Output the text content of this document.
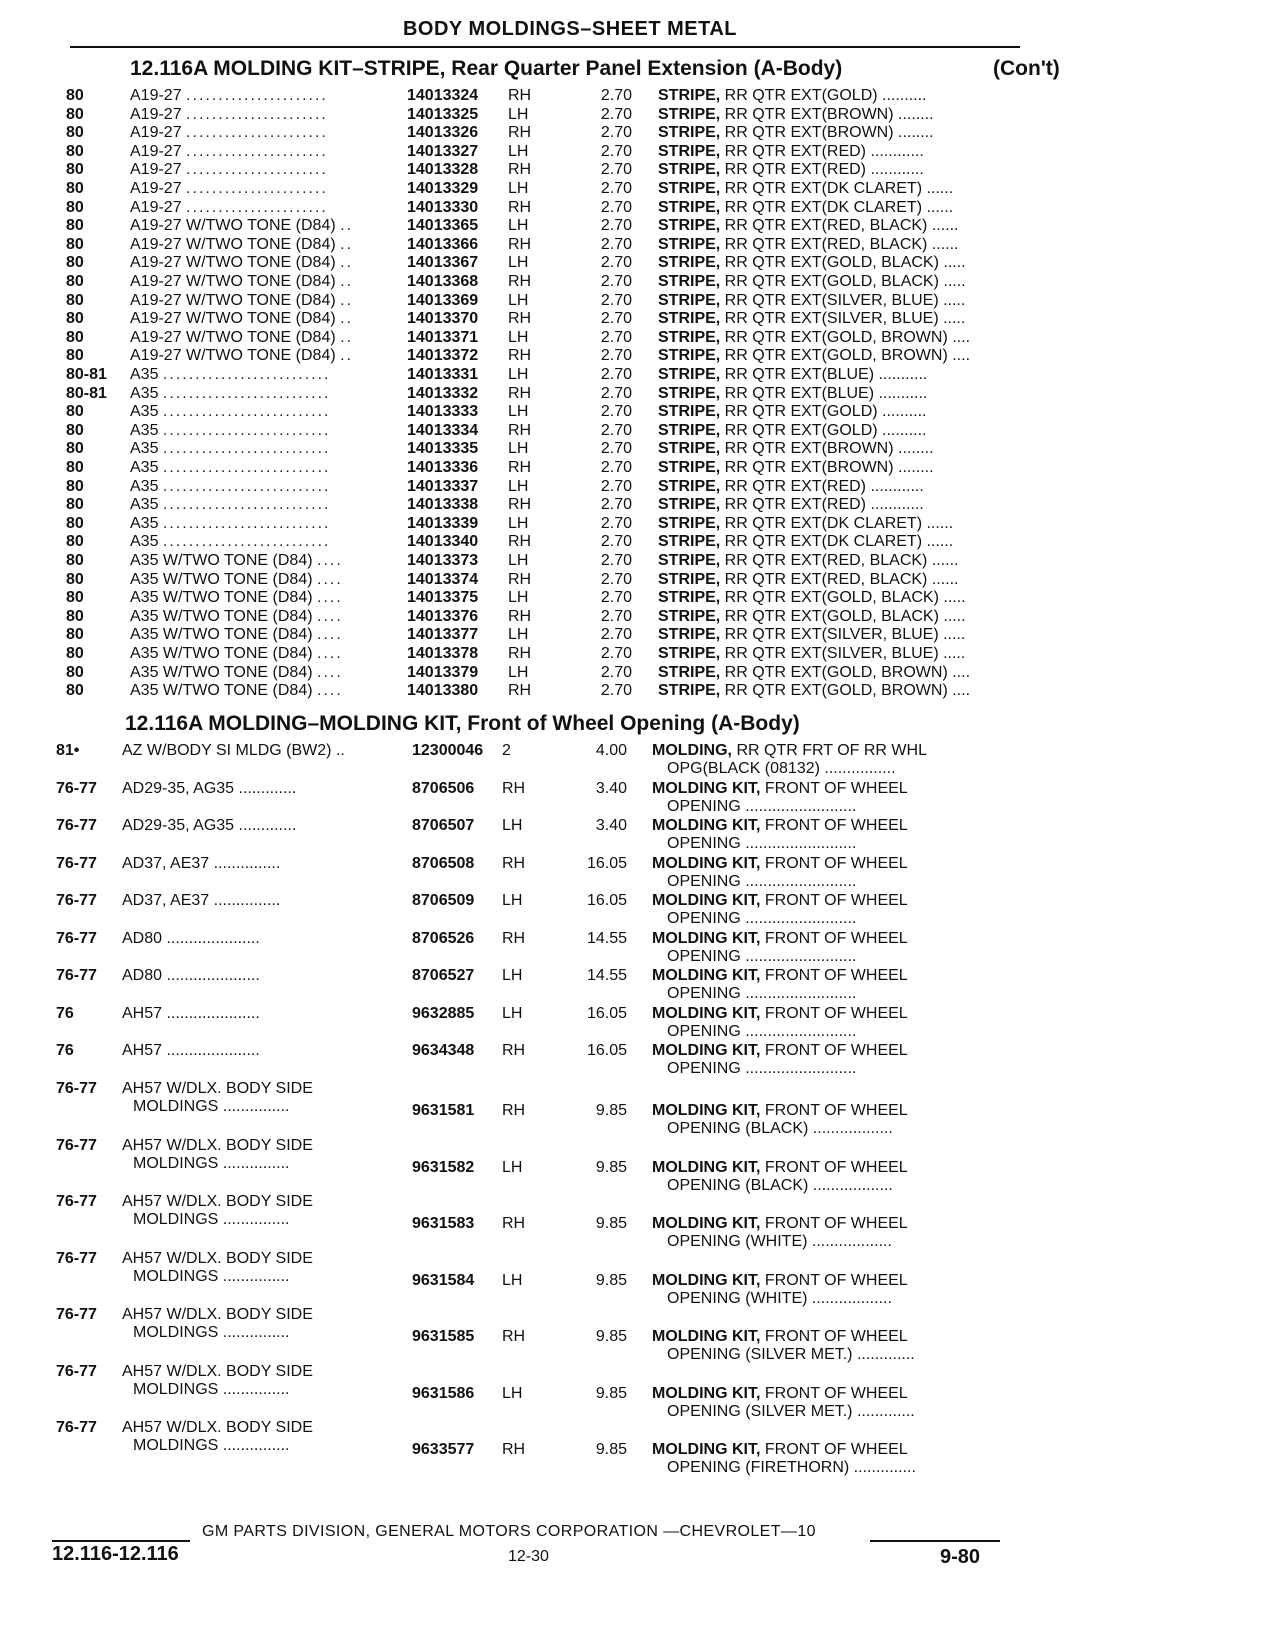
BODY MOLDINGS–SHEET METAL
12.116A MOLDING KIT–STRIPE, Rear Quarter Panel Extension (A-Body)	(Con't)
80	A19-27 ......................	14013324 RH	2.70 STRIPE, RR QTR EXT(GOLD) ..........
80	A19-27 ......................	14013325 LH	2.70 STRIPE, RR QTR EXT(BROWN) ........
80	A19-27 ......................	14013326 RH	2.70 STRIPE, RR QTR EXT(BROWN) ........
80	A19-27 ......................	14013327 LH	2.70 STRIPE, RR QTR EXT(RED) ............
80	A19-27 ......................	14013328 RH	2.70 STRIPE, RR QTR EXT(RED) ............
80	A19-27 ......................	14013329 LH	2.70 STRIPE, RR QTR EXT(DK CLARET) ......
80	A19-27 ......................	14013330 RH	2.70 STRIPE, RR QTR EXT(DK CLARET) ......
80	A19-27 W/TWO TONE (D84) ..	14013365 LH	2.70 STRIPE, RR QTR EXT(RED, BLACK) ......
80	A19-27 W/TWO TONE (D84) ..	14013366 RH	2.70 STRIPE, RR QTR EXT(RED, BLACK) ......
80	A19-27 W/TWO TONE (D84) ..	14013367 LH	2.70 STRIPE, RR QTR EXT(GOLD, BLACK) .....
80	A19-27 W/TWO TONE (D84) ..	14013368 RH	2.70 STRIPE, RR QTR EXT(GOLD, BLACK) .....
80	A19-27 W/TWO TONE (D84) ..	14013369 LH	2.70 STRIPE, RR QTR EXT(SILVER, BLUE) .....
80	A19-27 W/TWO TONE (D84) ..	14013370 RH	2.70 STRIPE, RR QTR EXT(SILVER, BLUE) .....
80	A19-27 W/TWO TONE (D84) ..	14013371 LH	2.70 STRIPE, RR QTR EXT(GOLD, BROWN) ....
80	A19-27 W/TWO TONE (D84) ..	14013372 RH	2.70 STRIPE, RR QTR EXT(GOLD, BROWN) ....
80-81 A35 ..........................	14013331 LH	2.70 STRIPE, RR QTR EXT(BLUE) ...........
80-81 A35 ..........................	14013332 RH	2.70 STRIPE, RR QTR EXT(BLUE) ...........
80	A35 ..........................	14013333 LH	2.70 STRIPE, RR QTR EXT(GOLD) ..........
80	A35 ..........................	14013334 RH	2.70 STRIPE, RR QTR EXT(GOLD) ..........
80	A35 ..........................	14013335 LH	2.70 STRIPE, RR QTR EXT(BROWN) ........
80	A35 ..........................	14013336 RH	2.70 STRIPE, RR QTR EXT(BROWN) ........
80	A35 ..........................	14013337 LH	2.70 STRIPE, RR QTR EXT(RED) ............
80	A35 ..........................	14013338 RH	2.70 STRIPE, RR QTR EXT(RED) ............
80	A35 ..........................	14013339 LH	2.70 STRIPE, RR QTR EXT(DK CLARET) ......
80	A35 ..........................	14013340 RH	2.70 STRIPE, RR QTR EXT(DK CLARET) ......
80	A35 W/TWO TONE (D84) ....	14013373 LH	2.70 STRIPE, RR QTR EXT(RED, BLACK) ......
80	A35 W/TWO TONE (D84) ....	14013374 RH	2.70 STRIPE, RR QTR EXT(RED, BLACK) ......
80	A35 W/TWO TONE (D84) ....	14013375 LH	2.70 STRIPE, RR QTR EXT(GOLD, BLACK) .....
80	A35 W/TWO TONE (D84) ....	14013376 RH	2.70 STRIPE, RR QTR EXT(GOLD, BLACK) .....
80	A35 W/TWO TONE (D84) ....	14013377 LH	2.70 STRIPE, RR QTR EXT(SILVER, BLUE) .....
80	A35 W/TWO TONE (D84) ....	14013378 RH	2.70 STRIPE, RR QTR EXT(SILVER, BLUE) .....
80	A35 W/TWO TONE (D84) ....	14013379 LH	2.70 STRIPE, RR QTR EXT(GOLD, BROWN) ....
80	A35 W/TWO TONE (D84) ....	14013380 RH	2.70 STRIPE, RR QTR EXT(GOLD, BROWN) ....
12.116A MOLDING–MOLDING KIT, Front of Wheel Opening (A-Body)
81•	AZ W/BODY SI MLDG (BW2) ..	12300046 2	4.00 MOLDING, RR QTR FRT OF RR WHL
OPG(BLACK (08132) ................
76-77 AD29-35, AG35 .............	8706506 RH	3.40 MOLDING KIT, FRONT OF WHEEL
OPENING .........................
76-77 AD29-35, AG35 .............	8706507 LH	3.40 MOLDING KIT, FRONT OF WHEEL
OPENING .........................
76-77 AD37, AE37 ...............	8706508 RH	16.05 MOLDING KIT, FRONT OF WHEEL
OPENING .........................
76-77 AD37, AE37 ...............	8706509 LH	16.05 MOLDING KIT, FRONT OF WHEEL
OPENING .........................
76-77 AD80 .....................	8706526 RH	14.55 MOLDING KIT, FRONT OF WHEEL
OPENING .........................
76-77 AD80 .....................	8706527 LH	14.55 MOLDING KIT, FRONT OF WHEEL
OPENING .........................
76	AH57 .....................	9632885 LH	16.05 MOLDING KIT, FRONT OF WHEEL
OPENING .........................
76	AH57 .....................	9634348 RH	16.05 MOLDING KIT, FRONT OF WHEEL
OPENING .........................
76-77 AH57 W/DLX. BODY SIDE
MOLDINGS ...............	9631581 RH	9.85 MOLDING KIT, FRONT OF WHEEL
OPENING (BLACK) ..................
76-77 AH57 W/DLX. BODY SIDE
MOLDINGS ...............	9631582 LH	9.85 MOLDING KIT, FRONT OF WHEEL
OPENING (BLACK) ..................
76-77 AH57 W/DLX. BODY SIDE
MOLDINGS ...............	9631583 RH	9.85 MOLDING KIT, FRONT OF WHEEL
OPENING (WHITE) ..................
76-77 AH57 W/DLX. BODY SIDE
MOLDINGS ...............	9631584 LH	9.85 MOLDING KIT, FRONT OF WHEEL
OPENING (WHITE) ..................
76-77 AH57 W/DLX. BODY SIDE
MOLDINGS ...............	9631585 RH	9.85 MOLDING KIT, FRONT OF WHEEL
OPENING (SILVER MET.) .............
76-77 AH57 W/DLX. BODY SIDE
MOLDINGS ...............	9631586 LH	9.85 MOLDING KIT, FRONT OF WHEEL
OPENING (SILVER MET.) .............
76-77 AH57 W/DLX. BODY SIDE
MOLDINGS ...............	9633577 RH	9.85 MOLDING KIT, FRONT OF WHEEL
OPENING (FIRETHORN) ..............
GM PARTS DIVISION, GENERAL MOTORS CORPORATION —CHEVROLET—10
12.116-12.116	12-30	9-80
